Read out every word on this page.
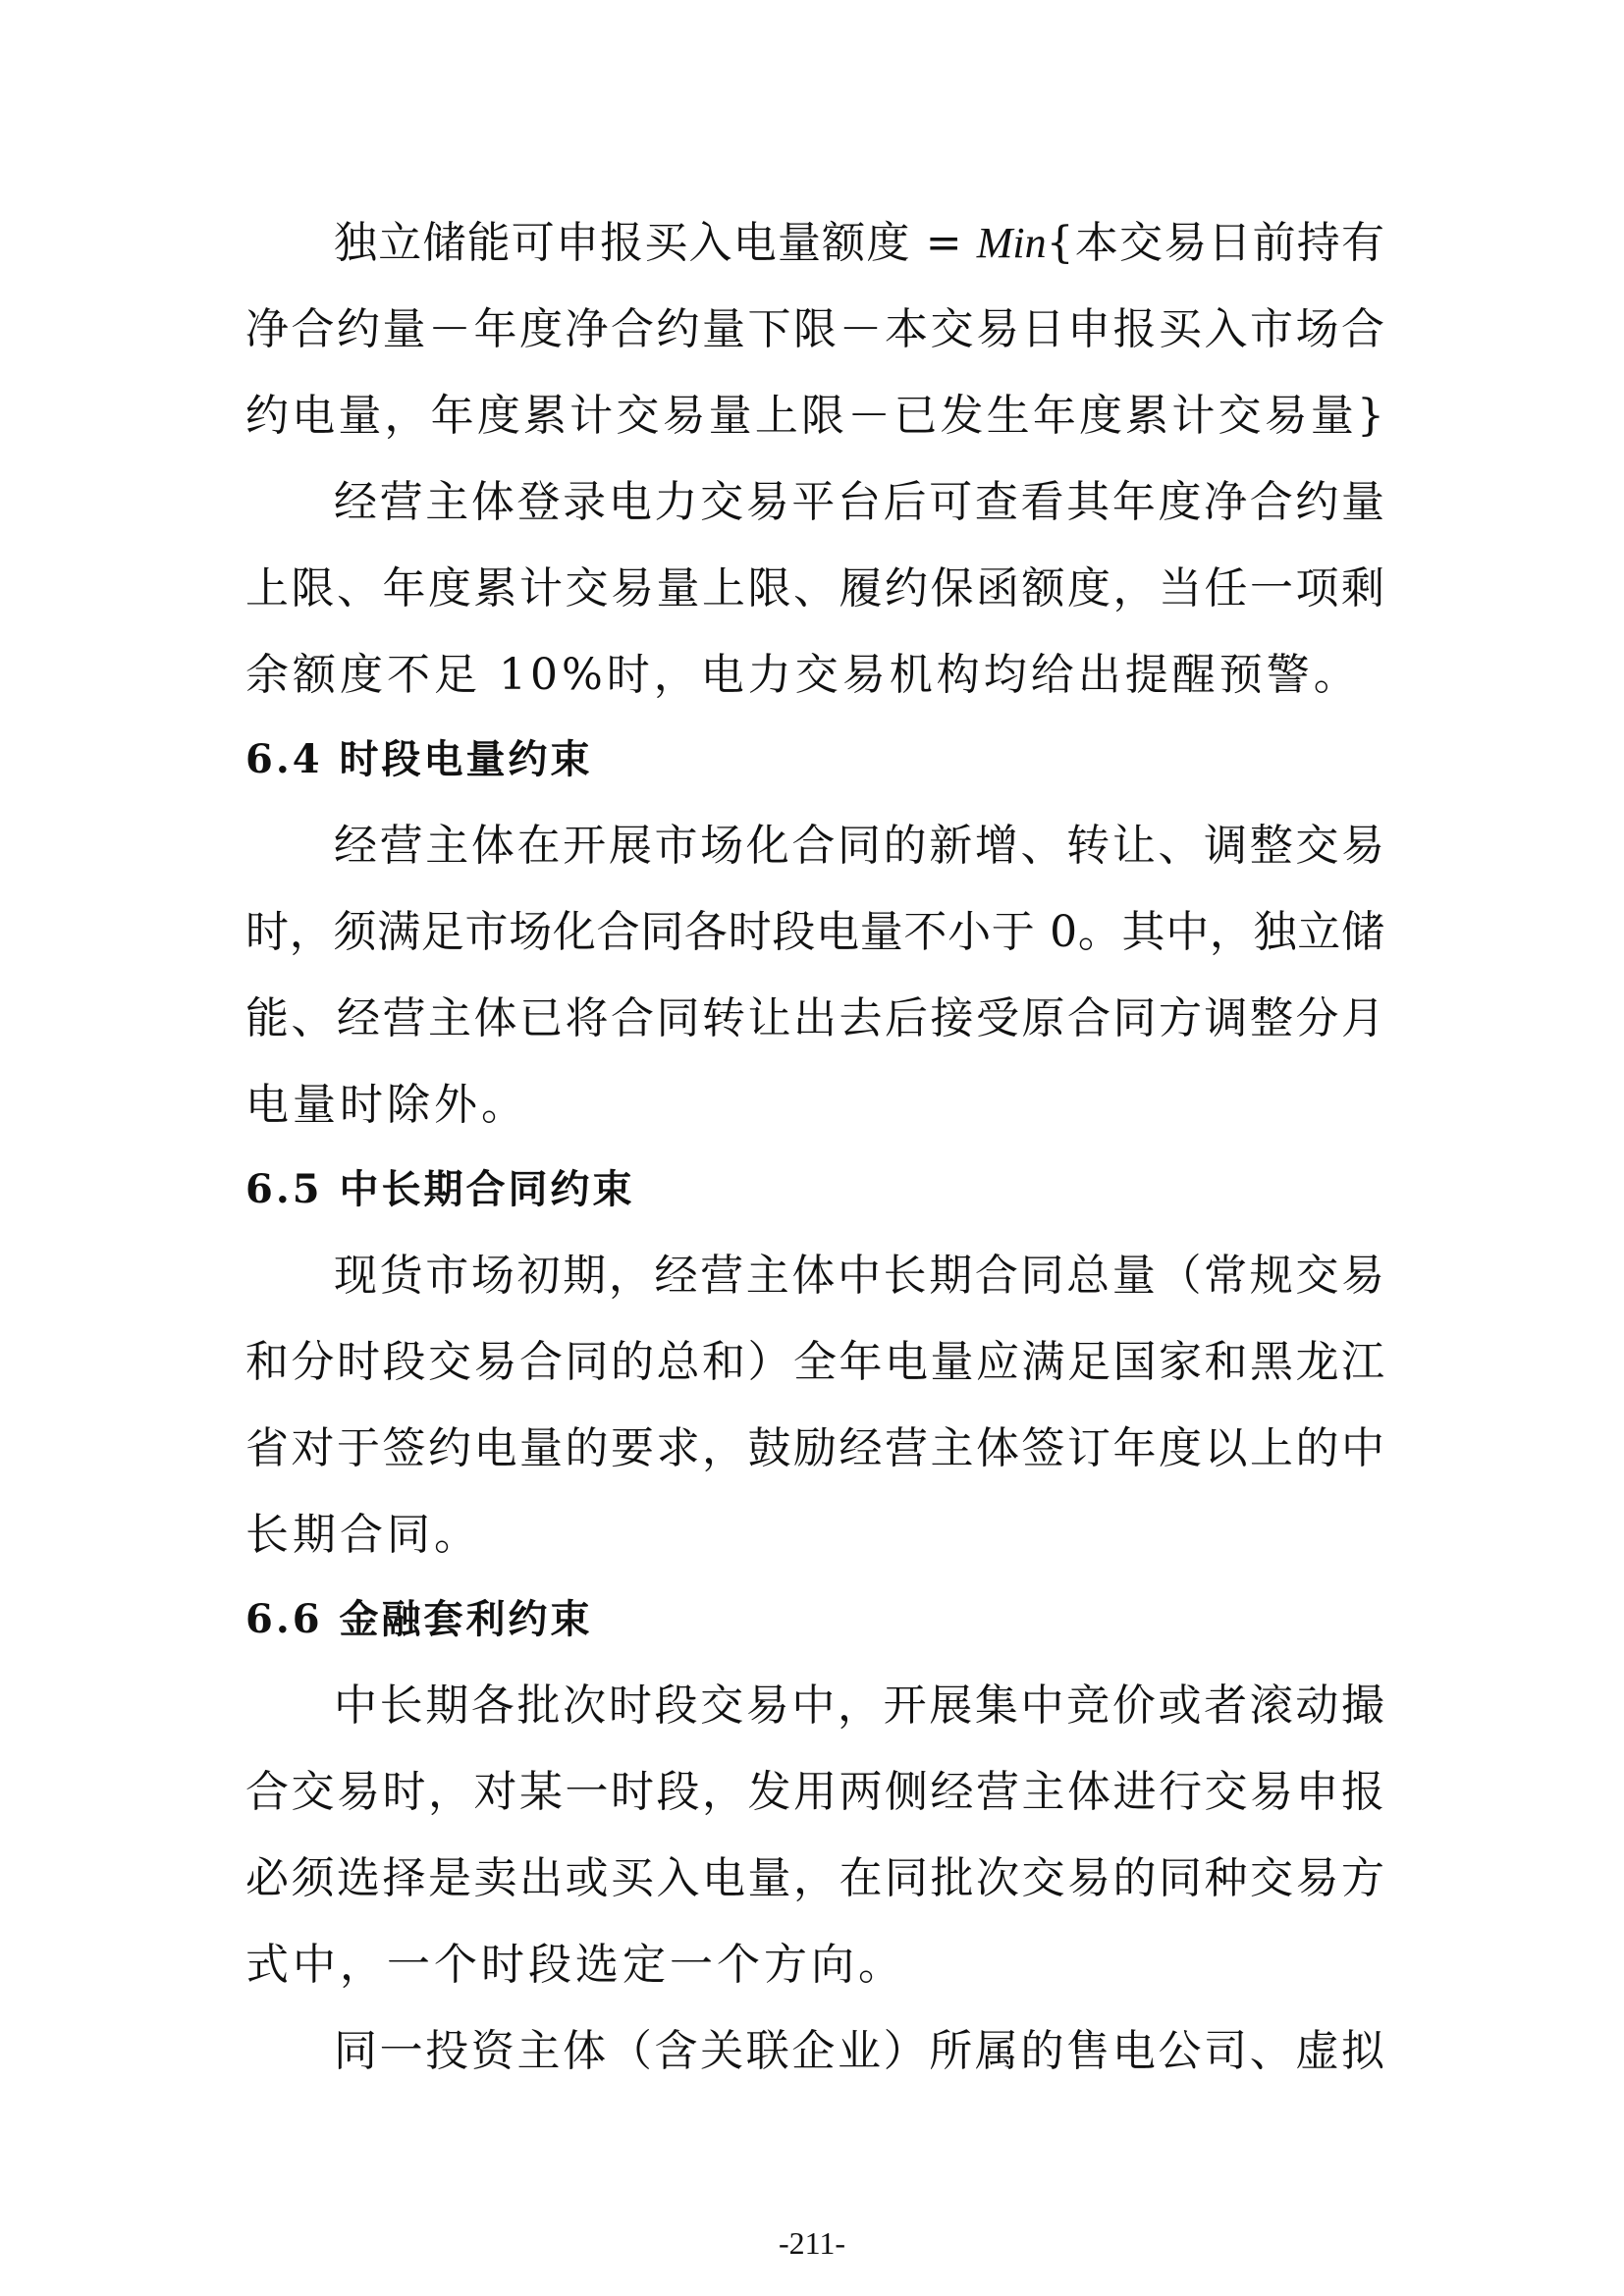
独立储能可申报买入电量额度 = Min{本交易日前持有
净合约量－年度净合约量下限－本交易日申报买入市场合
约电量，年度累计交易量上限－已发生年度累计交易量}
经营主体登录电力交易平台后可查看其年度净合约量
上限、年度累计交易量上限、履约保函额度，当任一项剩
余额度不足 10%时，电力交易机构均给出提醒预警。
6.4 时段电量约束
经营主体在开展市场化合同的新增、转让、调整交易
时，须满足市场化合同各时段电量不小于 0。其中，独立储
能、经营主体已将合同转让出去后接受原合同方调整分月
电量时除外。
6.5 中长期合同约束
现货市场初期，经营主体中长期合同总量（常规交易
和分时段交易合同的总和）全年电量应满足国家和黑龙江
省对于签约电量的要求，鼓励经营主体签订年度以上的中
长期合同。
6.6 金融套利约束
中长期各批次时段交易中，开展集中竞价或者滚动撮
合交易时，对某一时段，发用两侧经营主体进行交易申报
必须选择是卖出或买入电量，在同批次交易的同种交易方
式中，一个时段选定一个方向。
同一投资主体（含关联企业）所属的售电公司、虚拟
-211-
